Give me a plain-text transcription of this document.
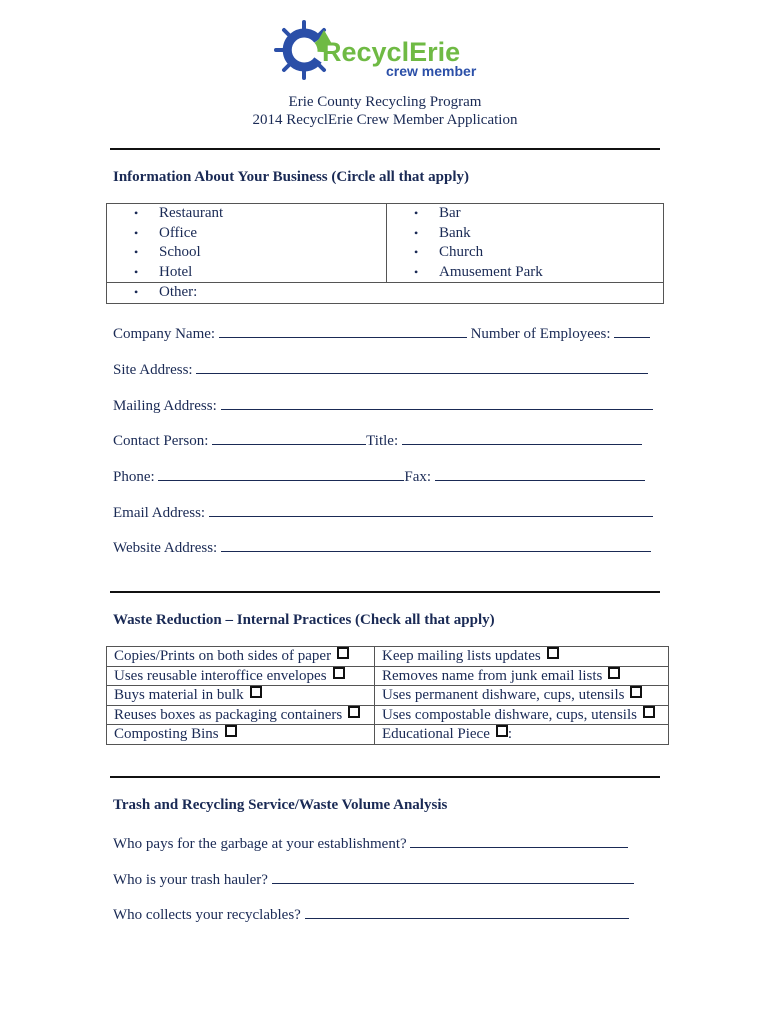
RecyclErie
crew member
Erie County Recycling Program
2014 RecyclErie Crew Member Application
Information About Your Business (Circle all that apply)
• Restaurant
• Office
• School
• Hotel

• Bar
• Bank
• Church
• Amusement Park

• Other:
Company Name:	Number of Employees:
Site Address:
Mailing Address:
Contact Person:	Title:
Phone:	Fax:
Email Address:
Website Address:
Waste Reduction – Internal Practices (Check all that apply)
Copies/Prints on both sides of paper	Keep mailing lists updates
Uses reusable interoffice envelopes	Removes name from junk email lists
Buys material in bulk	Uses permanent dishware, cups, utensils
Reuses boxes as packaging containers	Uses compostable dishware, cups, utensils
Composting Bins	Educational Piece :
Trash and Recycling Service/Waste Volume Analysis
Who pays for the garbage at your establishment?
Who is your trash hauler?
Who collects your recyclables?
